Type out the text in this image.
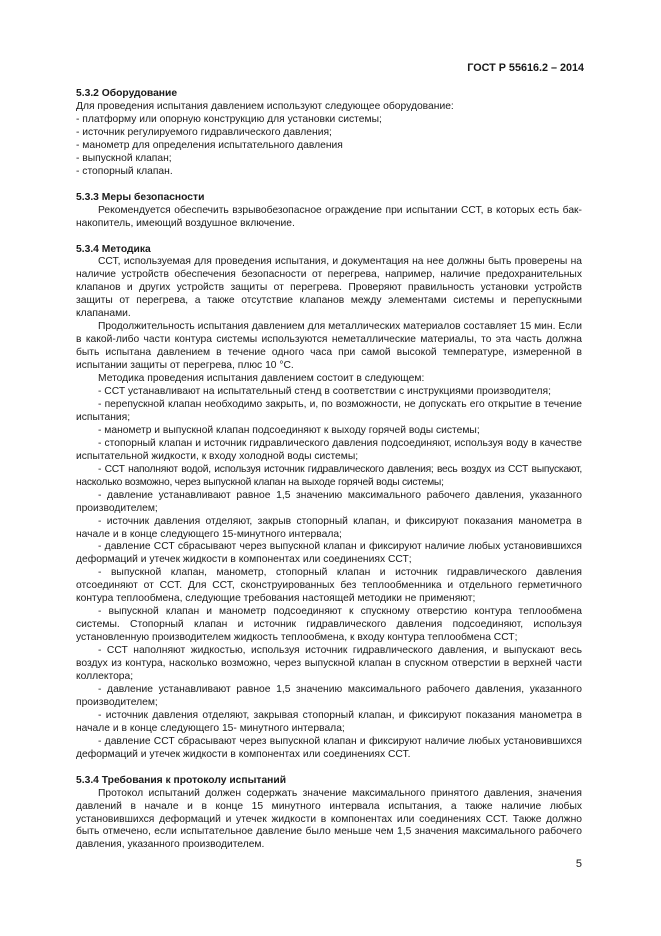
ГОСТ Р 55616.2 – 2014
5.3.2 Оборудование
Для проведения испытания давлением используют следующее оборудование:
- платформу или опорную конструкцию для установки системы;
- источник регулируемого гидравлического давления;
- манометр для определения испытательного давления
- выпускной клапан;
- стопорный клапан.
5.3.3 Меры безопасности
Рекомендуется обеспечить взрывобезопасное ограждение при испытании ССТ, в которых есть бак-накопитель, имеющий воздушное включение.
5.3.4 Методика
ССТ, используемая для проведения испытания, и документация на нее должны быть проверены на наличие устройств обеспечения безопасности от перегрева, например, наличие предохранительных клапанов и других устройств защиты от перегрева. Проверяют правильность установки устройств защиты от перегрева, а также отсутствие клапанов между элементами системы и перепускными клапанами.
Продолжительность испытания давлением для металлических материалов составляет 15 мин. Если в какой-либо части контура системы используются неметаллические материалы, то эта часть должна быть испытана давлением в течение одного часа при самой высокой температуре, измеренной в испытании защиты от перегрева, плюс 10 °С.
Методика проведения испытания давлением состоит в следующем:
- ССТ устанавливают на испытательный стенд в соответствии с инструкциями производителя;
- перепускной клапан необходимо закрыть, и, по возможности, не допускать его открытие в течение испытания;
- манометр и выпускной клапан подсоединяют к выходу горячей воды системы;
- стопорный клапан и источник гидравлического давления подсоединяют, используя воду в качестве испытательной жидкости, к входу холодной воды системы;
- ССТ наполняют водой, используя источник гидравлического давления; весь воздух из ССТ выпускают, насколько возможно, через выпускной клапан на выходе горячей воды системы;
- давление устанавливают равное 1,5 значению максимального рабочего давления, указанного производителем;
- источник давления отделяют, закрыв стопорный клапан, и фиксируют показания манометра в начале и в конце следующего 15-минутного интервала;
- давление ССТ сбрасывают через выпускной клапан и фиксируют наличие любых установившихся деформаций и утечек жидкости в компонентах или соединениях ССТ;
- выпускной клапан, манометр, стопорный клапан и источник гидравлического давления отсоединяют от ССТ. Для ССТ, сконструированных без теплообменника и отдельного герметичного контура теплообмена, следующие требования настоящей методики не применяют;
- выпускной клапан и манометр подсоединяют к спускному отверстию контура теплообмена системы. Стопорный клапан и источник гидравлического давления подсоединяют, используя установленную производителем жидкость теплообмена, к входу контура теплообмена ССТ;
- ССТ наполняют жидкостью, используя источник гидравлического давления, и выпускают весь воздух из контура, насколько возможно, через выпускной клапан в спускном отверстии в верхней части коллектора;
- давление устанавливают равное 1,5 значению максимального рабочего давления, указанного производителем;
- источник давления отделяют, закрывая стопорный клапан, и фиксируют показания манометра в начале и в конце следующего 15- минутного интервала;
- давление ССТ сбрасывают через выпускной клапан и фиксируют наличие любых установившихся деформаций и утечек жидкости в компонентах или соединениях ССТ.
5.3.4 Требования к протоколу испытаний
Протокол испытаний должен содержать значение максимального принятого давления, значения давлений в начале и в конце 15 минутного интервала испытания, а также наличие любых установившихся деформаций и утечек жидкости в компонентах или соединениях ССТ. Также должно быть отмечено, если испытательное давление было меньше чем 1,5 значения максимального рабочего давления, указанного производителем.
5
